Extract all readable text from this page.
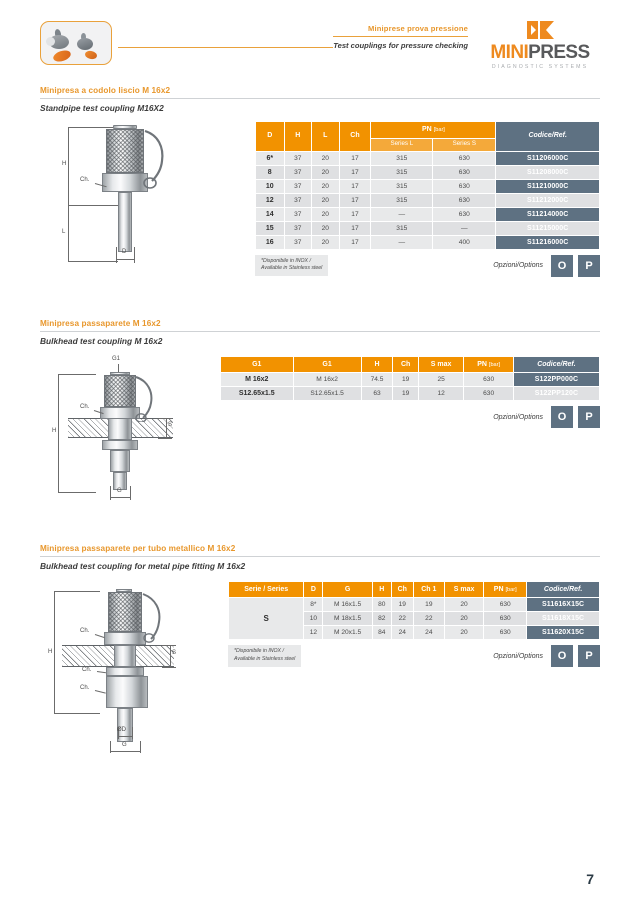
Miniprese prova pressione
Test couplings for pressure checking	MINIPRESS
DIAGNOSTIC SYSTEMS
Minipresa a codolo liscio M 16x2
Standpipe test coupling M16X2
H
L
Ch.
D
D	H	L	Ch	PN [bar]		Codice/Ref.
				Series L	Series S	
6*	37	20	17	315	630	S11206000C
8	37	20	17	315	630	S11208000C
10	37	20	17	315	630	S11210000C
12	37	20	17	315	630	S11212000C
14	37	20	17	—	630	S11214000C
15	37	20	17	315	—	S11215000C
16	37	20	17	—	400	S11216000C
*Disponibile in INOX /
Available in Stainless steel	Opzioni/Options	O	P
Minipresa passaparete M 16x2
Bulkhead test coupling M 16x2
G1
H
Ch.
S
G
G1	G1	H	Ch	S max	PN [bar]	Codice/Ref.
M 16x2	M 16x2	74.5	19	25	630	S122PP000C
S12.65x1.5	S12.65x1.5	63	19	12	630	S122PP120C
Opzioni/Options	O	P
Minipresa passaparete per tubo metallico M 16x2
Bulkhead test coupling for metal pipe fitting M 16x2
H
Ch.
Ch.
Ch.
S
ØD
G
Serie / Series	D	G	H	Ch	Ch 1	S max	PN [bar]	Codice/Ref.
S	8*	M 16x1.5	80	19	19	20	630	S11616X15C
	10	M 18x1.5	82	22	22	20	630	S11618X15C
	12	M 20x1.5	84	24	24	20	630	S11620X15C
*Disponibile in INOX /
Available in Stainless steel	Opzioni/Options	O	P
7
